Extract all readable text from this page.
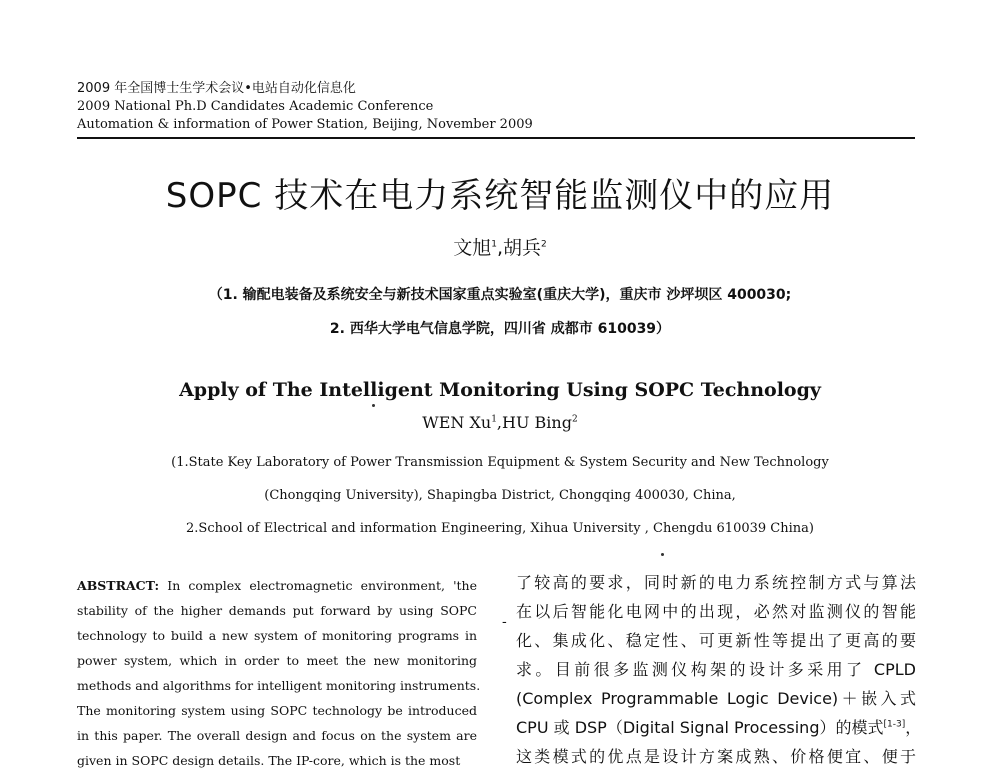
2009 年全国博士生学术会议•电站自动化信息化
2009 National Ph.D Candidates Academic Conference
Automation & information of Power Station, Beijing, November 2009
SOPC 技术在电力系统智能监测仪中的应用
文旭$^1$,胡兵$^2$
（1. 输配电装备及系统安全与新技术国家重点实验室(重庆大学)，重庆市 沙坪坝区 400030;
2. 西华大学电气信息学院，四川省 成都市 610039）
Apply of The Intelligent Monitoring Using SOPC Technology
WEN Xu$^1$,HU Bing$^2$
(1.State Key Laboratory of Power Transmission Equipment & System Security and New Technology
(Chongqing University), Shapingba District, Chongqing 400030, China,
2.School of Electrical and information Engineering, Xihua University , Chengdu 610039 China)
ABSTRACT: In complex electromagnetic environment, 'the
stability of the higher demands put forward by using SOPC
technology to build a new system of monitoring programs in
power system, which in order to meet the new monitoring
methods and algorithms for intelligent monitoring instruments.
The monitoring system using SOPC technology be introduced
in this paper. The overall design and focus on the system are
given in SOPC design details. The IP-core, which is the most
-
了较高的要求，同时新的电力系统控制方式与算法
在以后智能化电网中的出现，必然对监测仪的智能
化、集成化、稳定性、可更新性等提出了更高的要
求。目前很多监测仪构架的设计多采用了 CPLD
(Complex Programmable Logic Device)＋嵌入式
CPU 或 DSP（Digital Signal Processing）的模式[1-3]，
这类模式的优点是设计方案成熟、价格便宜、便于
